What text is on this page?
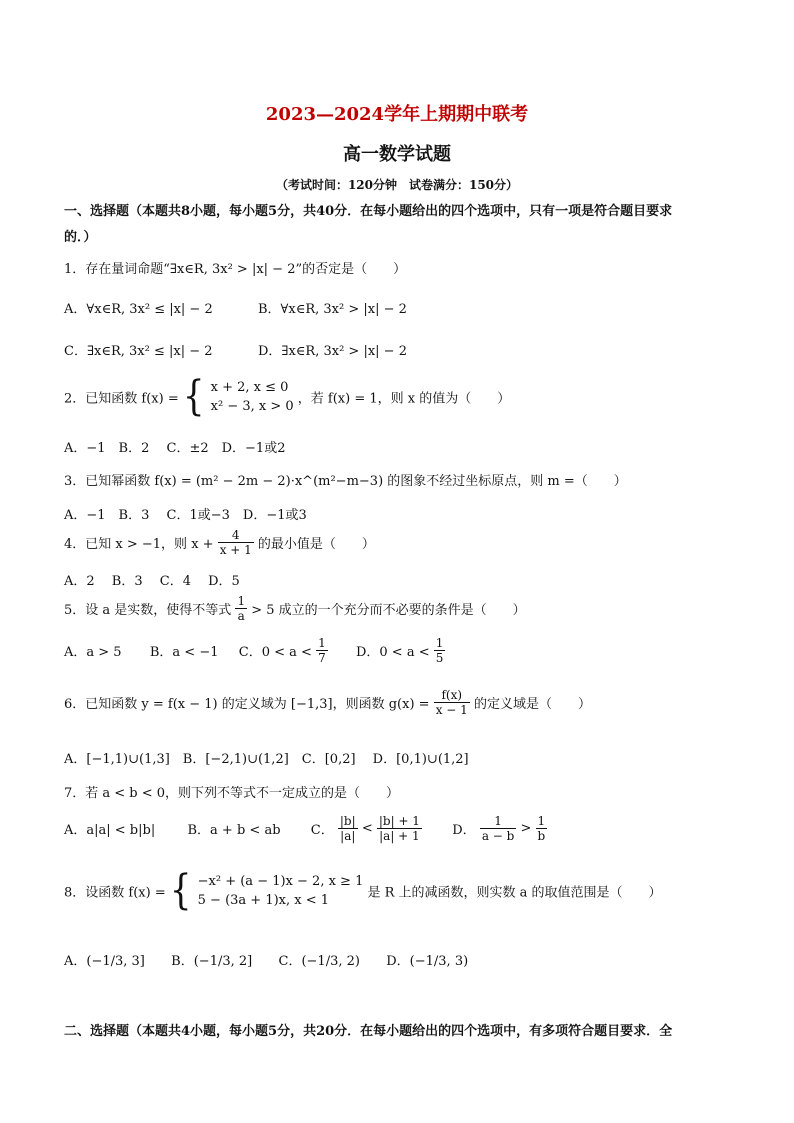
2023—2024学年上期期中联考
高一数学试题
（考试时间：120分钟　试卷满分：150分）
一、选择题（本题共8小题，每小题5分，共40分．在每小题给出的四个选项中，只有一项是符合题目要求
的．）
1．存在量词命题“∃x∈R, 3x² > |x| − 2”的否定是（　　）
A．∀x∈R, 3x² ≤ |x| − 2	B．∀x∈R, 3x² > |x| − 2
C．∃x∈R, 3x² ≤ |x| − 2	D．∃x∈R, 3x² > |x| − 2
2．已知函数 f(x) = { x + 2, x ≤ 0
x² − 3, x > 0 ，若 f(x) = 1，则 x 的值为（　　）
A．−1　B．2　 C．±2　D．−1或2
3．已知幂函数 f(x) = (m² − 2m − 2)·x^(m²−m−3) 的图象不经过坐标原点，则 m =（　　）
A．−1　B．3　 C．1或−3　D．−1或3
4．已知 x > −1，则 $x + \frac{4}{x + 1}$ 的最小值是（　　）
A．2　 B．3　 C．4　 D．5
5．设 a 是实数，使得不等式 $\frac{1}{a} > 5$ 成立的一个充分而不必要的条件是（　　）
A．a > 5 B．a < −1 C．$0 < a < \frac{1}{7}$ D．$0 < a < \frac{1}{5}$
6．已知函数 y = f(x − 1) 的定义域为 [−1,3]，则函数 $g(x) = \frac{f(x)}{x - 1}$ 的定义域是（　　）
A．[−1,1)∪(1,3]　B．[−2,1)∪(1,2]　C．[0,2]　 D．[0,1)∪(1,2]
7．若 a < b < 0，则下列不等式不一定成立的是（　　）
A．a|a| < b|b| B．a + b < ab C． $\frac{|b|}{|a|} < \frac{|b| + 1}{|a| + 1}$ D． $\frac{1}{a - b} > \frac{1}{b}$
8．设函数 f(x) = { −x² + (a − 1)x − 2, x ≥ 1
5 − (3a + 1)x, x < 1	是 R 上的减函数，则实数 a 的取值范围是（　　）
A．(−1/3, 3] B．(−1/3, 2] C．(−1/3, 2) D．(−1/3, 3)
二、选择题（本题共4小题，每小题5分，共20分．在每小题给出的四个选项中，有多项符合题目要求．全
